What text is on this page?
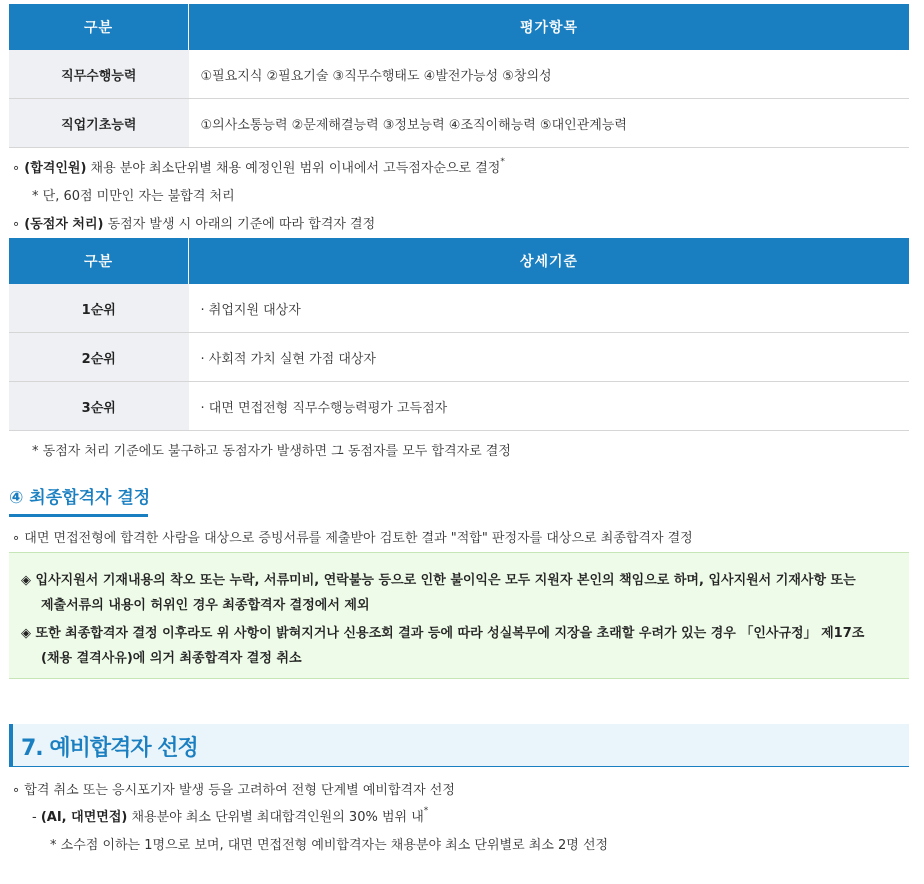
구분	평가항목
직무수행능력	①필요지식 ②필요기술 ③직무수행태도 ④발전가능성 ⑤창의성
직업기초능력	①의사소통능력 ②문제해결능력 ③정보능력 ④조직이해능력 ⑤대인관계능력
∘ (합격인원) 채용 분야 최소단위별 채용 예정인원 범위 이내에서 고득점자순으로 결정*
* 단, 60점 미만인 자는 불합격 처리
∘ (동점자 처리) 동점자 발생 시 아래의 기준에 따라 합격자 결정
구분	상세기준
1순위	· 취업지원 대상자
2순위	· 사회적 가치 실현 가점 대상자
3순위	· 대면 면접전형 직무수행능력평가 고득점자
* 동점자 처리 기준에도 불구하고 동점자가 발생하면 그 동점자를 모두 합격자로 결정
④ 최종합격자 결정
∘ 대면 면접전형에 합격한 사람을 대상으로 증빙서류를 제출받아 검토한 결과 "적합" 판정자를 대상으로 최종합격자 결정
◈ 입사지원서 기재내용의 착오 또는 누락, 서류미비, 연락불능 등으로 인한 불이익은 모두 지원자 본인의 책임으로 하며, 입사지원서 기재사항 또는
제출서류의 내용이 허위인 경우 최종합격자 결정에서 제외
◈ 또한 최종합격자 결정 이후라도 위 사항이 밝혀지거나 신용조회 결과 등에 따라 성실복무에 지장을 초래할 우려가 있는 경우 「인사규정」 제17조
(채용 결격사유)에 의거 최종합격자 결정 취소
7. 예비합격자 선정
∘ 합격 취소 또는 응시포기자 발생 등을 고려하여 전형 단계별 예비합격자 선정
- (AI, 대면면접) 채용분야 최소 단위별 최대합격인원의 30% 범위 내*
* 소수점 이하는 1명으로 보며, 대면 면접전형 예비합격자는 채용분야 최소 단위별로 최소 2명 선정
